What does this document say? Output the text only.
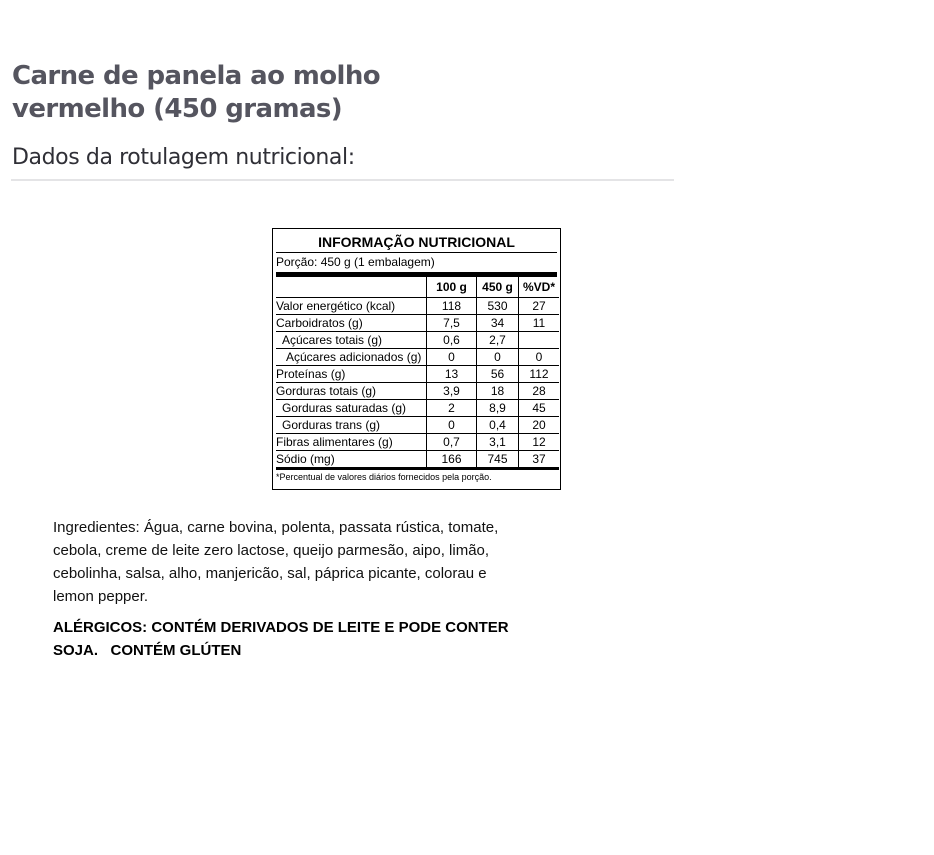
Carne de panela ao molho
vermelho (450 gramas)
Dados da rotulagem nutricional:
INFORMAÇÃO NUTRICIONAL
Porção: 450 g (1 embalagem)
	100 g	450 g	%VD*
Valor energético (kcal)	118	530	27
Carboidratos (g)	7,5	34	11
Açúcares totais (g)	0,6	2,7	
Açúcares adicionados (g)	0	0	0
Proteínas (g)	13	56	112
Gorduras totais (g)	3,9	18	28
Gorduras saturadas (g)	2	8,9	45
Gorduras trans (g)	0	0,4	20
Fibras alimentares (g)	0,7	3,1	12
Sódio (mg)	166	745	37
*Percentual de valores diários fornecidos pela porção.

Ingredientes: Água, carne bovina, polenta, passata rústica, tomate,
cebola, creme de leite zero lactose, queijo parmesão, aipo, limão,
cebolinha, salsa, alho, manjericão, sal, páprica picante, colorau e
lemon pepper.

ALÉRGICOS: CONTÉM DERIVADOS DE LEITE E PODE CONTER
SOJA.   CONTÉM GLÚTEN
